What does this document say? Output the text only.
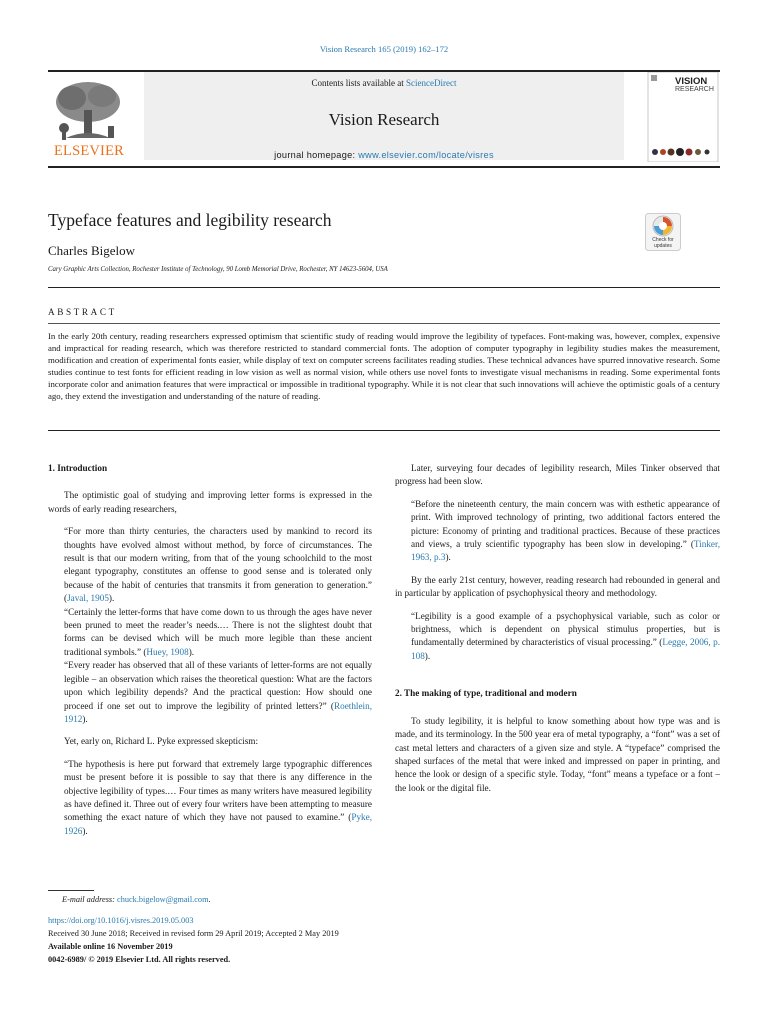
Vision Research 165 (2019) 162–172
ELSEVIER
Contents lists available at ScienceDirect
Vision Research
journal homepage: www.elsevier.com/locate/visres
VISION
RESEARCH
Typeface features and legibility research
Charles Bigelow
Cary Graphic Arts Collection, Rochester Institute of Technology, 90 Lomb Memorial Drive, Rochester, NY 14623-5604, USA
Check for updates
ABSTRACT
In the early 20th century, reading researchers expressed optimism that scientific study of reading would improve the legibility of typefaces. Font-making was, however, complex, expensive and impractical for reading research, which was therefore restricted to standard commercial fonts. The adoption of computer typography in legibility studies makes the measurement, modification and creation of experimental fonts easier, while display of text on computer screens facilitates reading studies. These technical advances have spurred innovative research. Some studies continue to test fonts for efficient reading in low vision as well as normal vision, while others use novel fonts to investigate visual mechanisms in reading. Some experimental fonts incorporate color and animation features that were impractical or impossible in traditional typography. While it is not clear that such innovations will achieve the optimistic goals of a century ago, they extend the investigation and understanding of the nature of reading.
1. Introduction

The optimistic goal of studying and improving letter forms is expressed in the words of early reading researchers,

“For more than thirty centuries, the characters used by mankind to record its thoughts have evolved almost without method, by force of circumstances. The result is that our modern writing, from that of the young schoolchild to the most elegant typography, constitutes an offense to good sense and is tolerated only because of the habit of centuries that transmits it from generation to generation.” (Javal, 1905).
“Certainly the letter-forms that have come down to us through the ages have never been pruned to meet the reader’s needs.… There is not the slightest doubt that forms can be devised which will be much more legible than these ancient traditional symbols.” (Huey, 1908).
“Every reader has observed that all of these variants of letter-forms are not equally legible – an observation which raises the theoretical question: What are the factors upon which legibility depends? And the practical question: How should one proceed if one set out to improve the legibility of printed letters?” (Roethlein, 1912).

Yet, early on, Richard L. Pyke expressed skepticism:

“The hypothesis is here put forward that extremely large typographic differences must be present before it is possible to say that there is any difference in the objective legibility of types.… Four times as many writers have measured legibility as have defined it. Three out of every four writers have been attempting to measure something the exact nature of which they have not paused to examine.” (Pyke, 1926).

Later, surveying four decades of legibility research, Miles Tinker observed that progress had been slow.

“Before the nineteenth century, the main concern was with esthetic appearance of print. With improved technology of printing, two additional factors entered the picture: Economy of printing and traditional practices. Because of these practices and views, a truly scientific typography has been slow in developing.” (Tinker, 1963, p.3).

By the early 21st century, however, reading research had rebounded in general and in particular by application of psychophysical theory and methodology.

“Legibility is a good example of a psychophysical variable, such as color or brightness, which is dependent on physical stimulus properties, but is fundamentally determined by characteristics of visual processing.” (Legge, 2006, p. 108).
2. The making of type, traditional and modern

To study legibility, it is helpful to know something about how type was and is made, and its terminology. In the 500 year era of metal typography, a “font” was a set of cast metal letters and characters of a given size and style. A “typeface” comprised the shaped surfaces of the metal that were inked and impressed on paper in printing, and hence the look or design of a specific style. Today, “font” means a typeface or a font – the look or the digital file.

E-mail address: chuck.bigelow@gmail.com.
https://doi.org/10.1016/j.visres.2019.05.003
Received 30 June 2018; Received in revised form 29 April 2019; Accepted 2 May 2019
Available online 16 November 2019
0042-6989/ © 2019 Elsevier Ltd. All rights reserved.
